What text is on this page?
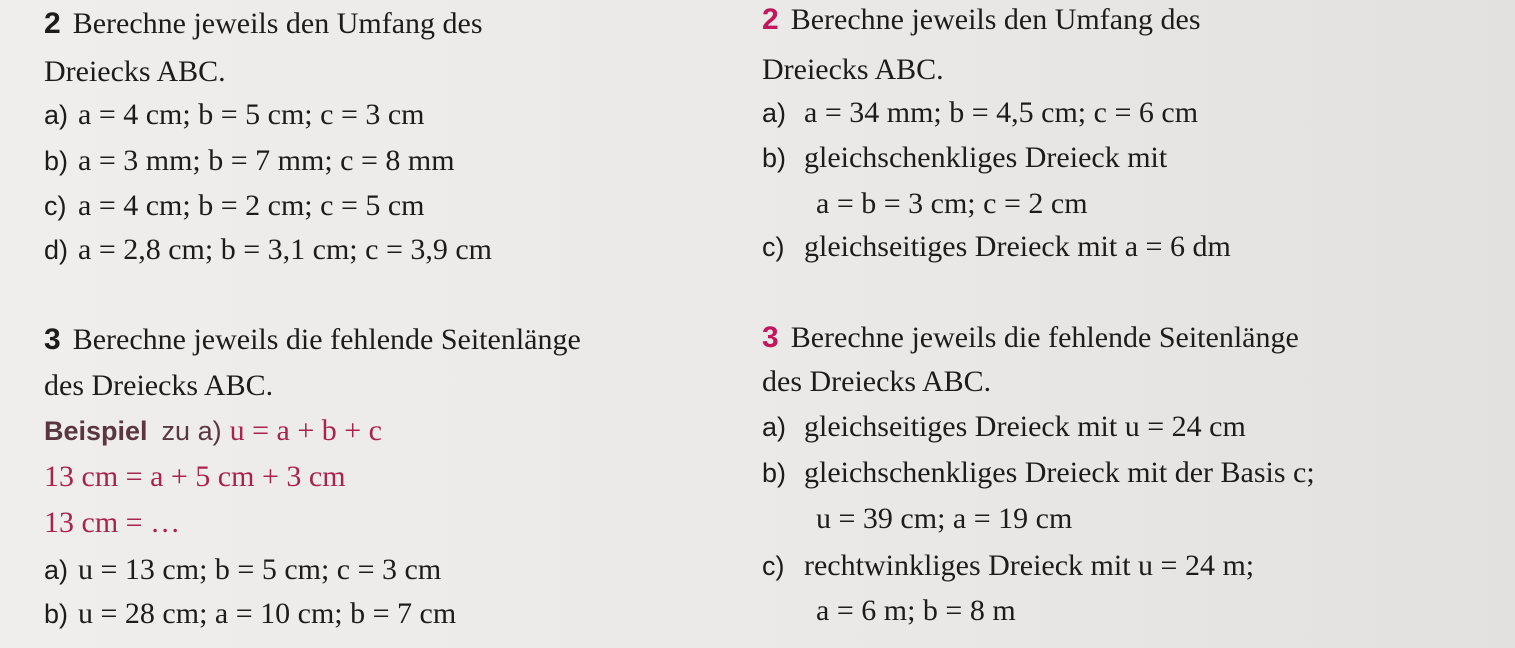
2 Berechne jeweils den Umfang des
Dreiecks ABC.
a) a = 4 cm; b = 5 cm; c = 3 cm
b) a = 3 mm; b = 7 mm; c = 8 mm
c) a = 4 cm; b = 2 cm; c = 5 cm
d) a = 2,8 cm; b = 3,1 cm; c = 3,9 cm
3 Berechne jeweils die fehlende Seitenlänge
des Dreiecks ABC.
Beispiel zu a) u = a + b + c
13 cm = a + 5 cm + 3 cm
13 cm = …
a) u = 13 cm; b = 5 cm; c = 3 cm
b) u = 28 cm; a = 10 cm; b = 7 cm
2 Berechne jeweils den Umfang des
Dreiecks ABC.
a) a = 34 mm; b = 4,5 cm; c = 6 cm
b) gleichschenkliges Dreieck mit
a = b = 3 cm; c = 2 cm
c) gleichseitiges Dreieck mit a = 6 dm
3 Berechne jeweils die fehlende Seitenlänge
des Dreiecks ABC.
a) gleichseitiges Dreieck mit u = 24 cm
b) gleichschenkliges Dreieck mit der Basis c;
u = 39 cm; a = 19 cm
c) rechtwinkliges Dreieck mit u = 24 m;
a = 6 m; b = 8 m
